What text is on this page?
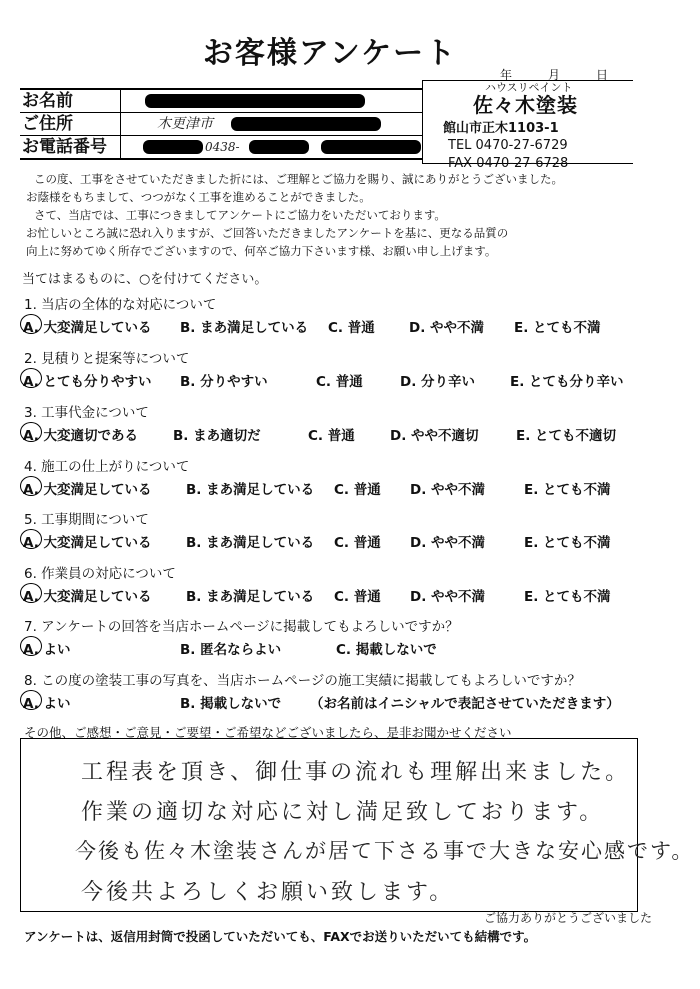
お客様アンケート
年	月	日
お名前
ご住所	木更津市
お電話番号	0438-
ハウスリペイント
佐々木塗装
館山市正木1103-1
TEL 0470-27-6729
FAX 0470-27-6728
この度、工事をさせていただきました折には、ご理解とご協力を賜り、誠にありがとうございました。
お蔭様をもちまして、つつがなく工事を進めることができました。
さて、当店では、工事につきましてアンケートにご協力をいただいております。
お忙しいところ誠に恐れ入りますが、ご回答いただきましたアンケートを基に、更なる品質の
向上に努めてゆく所存でございますので、何卒ご協力下さいます様、お願い申し上げます。
当てはまるものに、○を付けてください。
1. 当店の全体的な対応について
A. 大変満足している B. まあ満足している C. 普通	D. やや不満 E. とても不満
2. 見積りと提案等について
A. とても分りやすい B. 分りやすい	C. 普通	D. 分り辛い	E. とても分り辛い
3. 工事代金について
A. 大変適切である	B. まあ適切だ	C. 普通	D. やや不適切	E. とても不適切
4. 施工の仕上がりについて
A. 大変満足している	B. まあ満足している C. 普通 D. やや不満	E. とても不満
5. 工事期間について
A. 大変満足している	B. まあ満足している C. 普通 D. やや不満	E. とても不満
6. 作業員の対応について
A. 大変満足している	B. まあ満足している C. 普通 D. やや不満	E. とても不満
7. アンケートの回答を当店ホームページに掲載してもよろしいですか？
A. よい	B. 匿名ならよい	C. 掲載しないで
8. この度の塗装工事の写真を、当店ホームページの施工実績に掲載してもよろしいですか？
A. よい	B. 掲載しないで （お名前はイニシャルで表記させていただきます）
その他、ご感想・ご意見・ご要望・ご希望などございましたら、是非お聞かせください
工程表を頂き、御仕事の流れも理解出来ました。
作業の適切な対応に対し満足致しております。
今後も佐々木塗装さんが居て下さる事で大きな安心感です。
今後共よろしくお願い致します。
ご協力ありがとうございました
アンケートは、返信用封筒で投函していただいても、FAXでお送りいただいても結構です。
